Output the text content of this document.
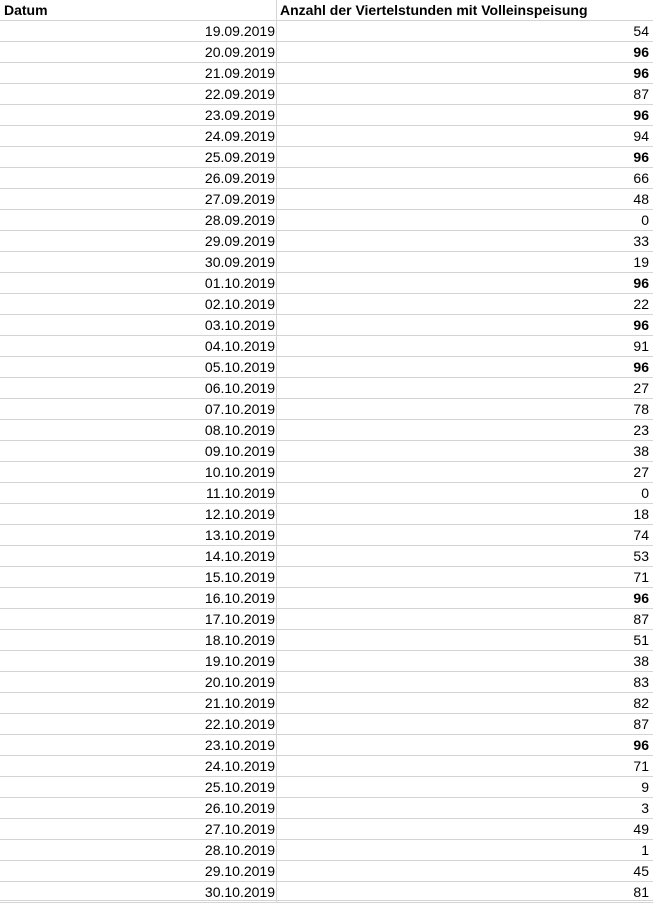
Datum	Anzahl der Viertelstunden mit Volleinspeisung
19.09.2019	54
20.09.2019	96
21.09.2019	96
22.09.2019	87
23.09.2019	96
24.09.2019	94
25.09.2019	96
26.09.2019	66
27.09.2019	48
28.09.2019	0
29.09.2019	33
30.09.2019	19
01.10.2019	96
02.10.2019	22
03.10.2019	96
04.10.2019	91
05.10.2019	96
06.10.2019	27
07.10.2019	78
08.10.2019	23
09.10.2019	38
10.10.2019	27
11.10.2019	0
12.10.2019	18
13.10.2019	74
14.10.2019	53
15.10.2019	71
16.10.2019	96
17.10.2019	87
18.10.2019	51
19.10.2019	38
20.10.2019	83
21.10.2019	82
22.10.2019	87
23.10.2019	96
24.10.2019	71
25.10.2019	9
26.10.2019	3
27.10.2019	49
28.10.2019	1
29.10.2019	45
30.10.2019	81
